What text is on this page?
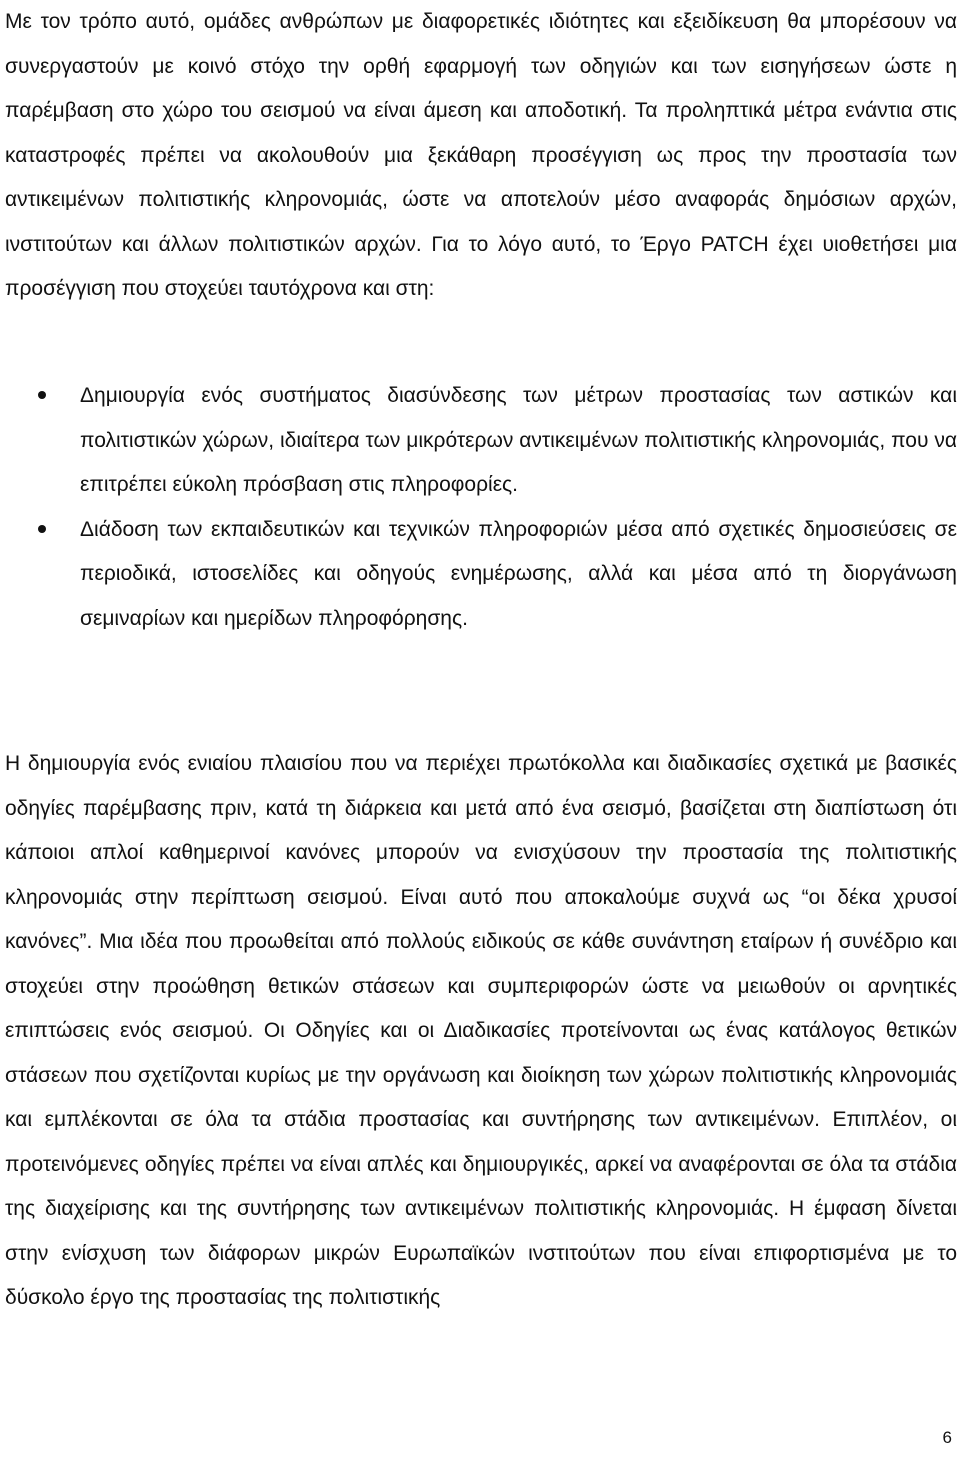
Με τον τρόπο αυτό, ομάδες ανθρώπων με διαφορετικές ιδιότητες και εξειδίκευση θα μπορέσουν να συνεργαστούν με κοινό στόχο την ορθή εφαρμογή των οδηγιών και των εισηγήσεων ώστε η παρέμβαση στο χώρο του σεισμού να είναι άμεση και αποδοτική. Τα προληπτικά μέτρα ενάντια στις καταστροφές πρέπει να ακολουθούν μια ξεκάθαρη προσέγγιση ως προς την προστασία των αντικειμένων πολιτιστικής κληρονομιάς, ώστε να αποτελούν μέσο αναφοράς δημόσιων αρχών, ινστιτούτων και άλλων πολιτιστικών αρχών. Για το λόγο αυτό, το Έργο PATCH έχει υιοθετήσει μια προσέγγιση που στοχεύει ταυτόχρονα και στη:

Δημιουργία ενός συστήματος διασύνδεσης των μέτρων προστασίας των αστικών και πολιτιστικών χώρων, ιδιαίτερα των μικρότερων αντικειμένων πολιτιστικής κληρονομιάς, που να επιτρέπει εύκολη πρόσβαση στις πληροφορίες.
Διάδοση των εκπαιδευτικών και τεχνικών πληροφοριών μέσα από σχετικές δημοσιεύσεις σε περιοδικά, ιστοσελίδες και οδηγούς ενημέρωσης, αλλά και μέσα από τη διοργάνωση σεμιναρίων και ημερίδων πληροφόρησης.

Η δημιουργία ενός ενιαίου πλαισίου που να περιέχει πρωτόκολλα και διαδικασίες σχετικά με βασικές οδηγίες παρέμβασης πριν, κατά τη διάρκεια και μετά από ένα σεισμό, βασίζεται στη διαπίστωση ότι κάποιοι απλοί καθημερινοί κανόνες μπορούν να ενισχύσουν την προστασία της πολιτιστικής κληρονομιάς στην περίπτωση σεισμού. Είναι αυτό που αποκαλούμε συχνά ως “οι δέκα χρυσοί κανόνες”. Μια ιδέα που προωθείται από πολλούς ειδικούς σε κάθε συνάντηση εταίρων ή συνέδριο και στοχεύει στην προώθηση θετικών στάσεων και συμπεριφορών ώστε να μειωθούν οι αρνητικές επιπτώσεις ενός σεισμού. Οι Οδηγίες και οι Διαδικασίες προτείνονται ως ένας κατάλογος θετικών στάσεων που σχετίζονται κυρίως με την οργάνωση και διοίκηση των χώρων πολιτιστικής κληρονομιάς και εμπλέκονται σε όλα τα στάδια προστασίας και συντήρησης των αντικειμένων. Επιπλέον, οι προτεινόμενες οδηγίες πρέπει να είναι απλές και δημιουργικές, αρκεί να αναφέρονται σε όλα τα στάδια της διαχείρισης και της συντήρησης των αντικειμένων πολιτιστικής κληρονομιάς. Η έμφαση δίνεται στην ενίσχυση των διάφορων μικρών Ευρωπαϊκών ινστιτούτων που είναι επιφορτισμένα με το δύσκολο έργο της προστασίας της πολιτιστικής

6
